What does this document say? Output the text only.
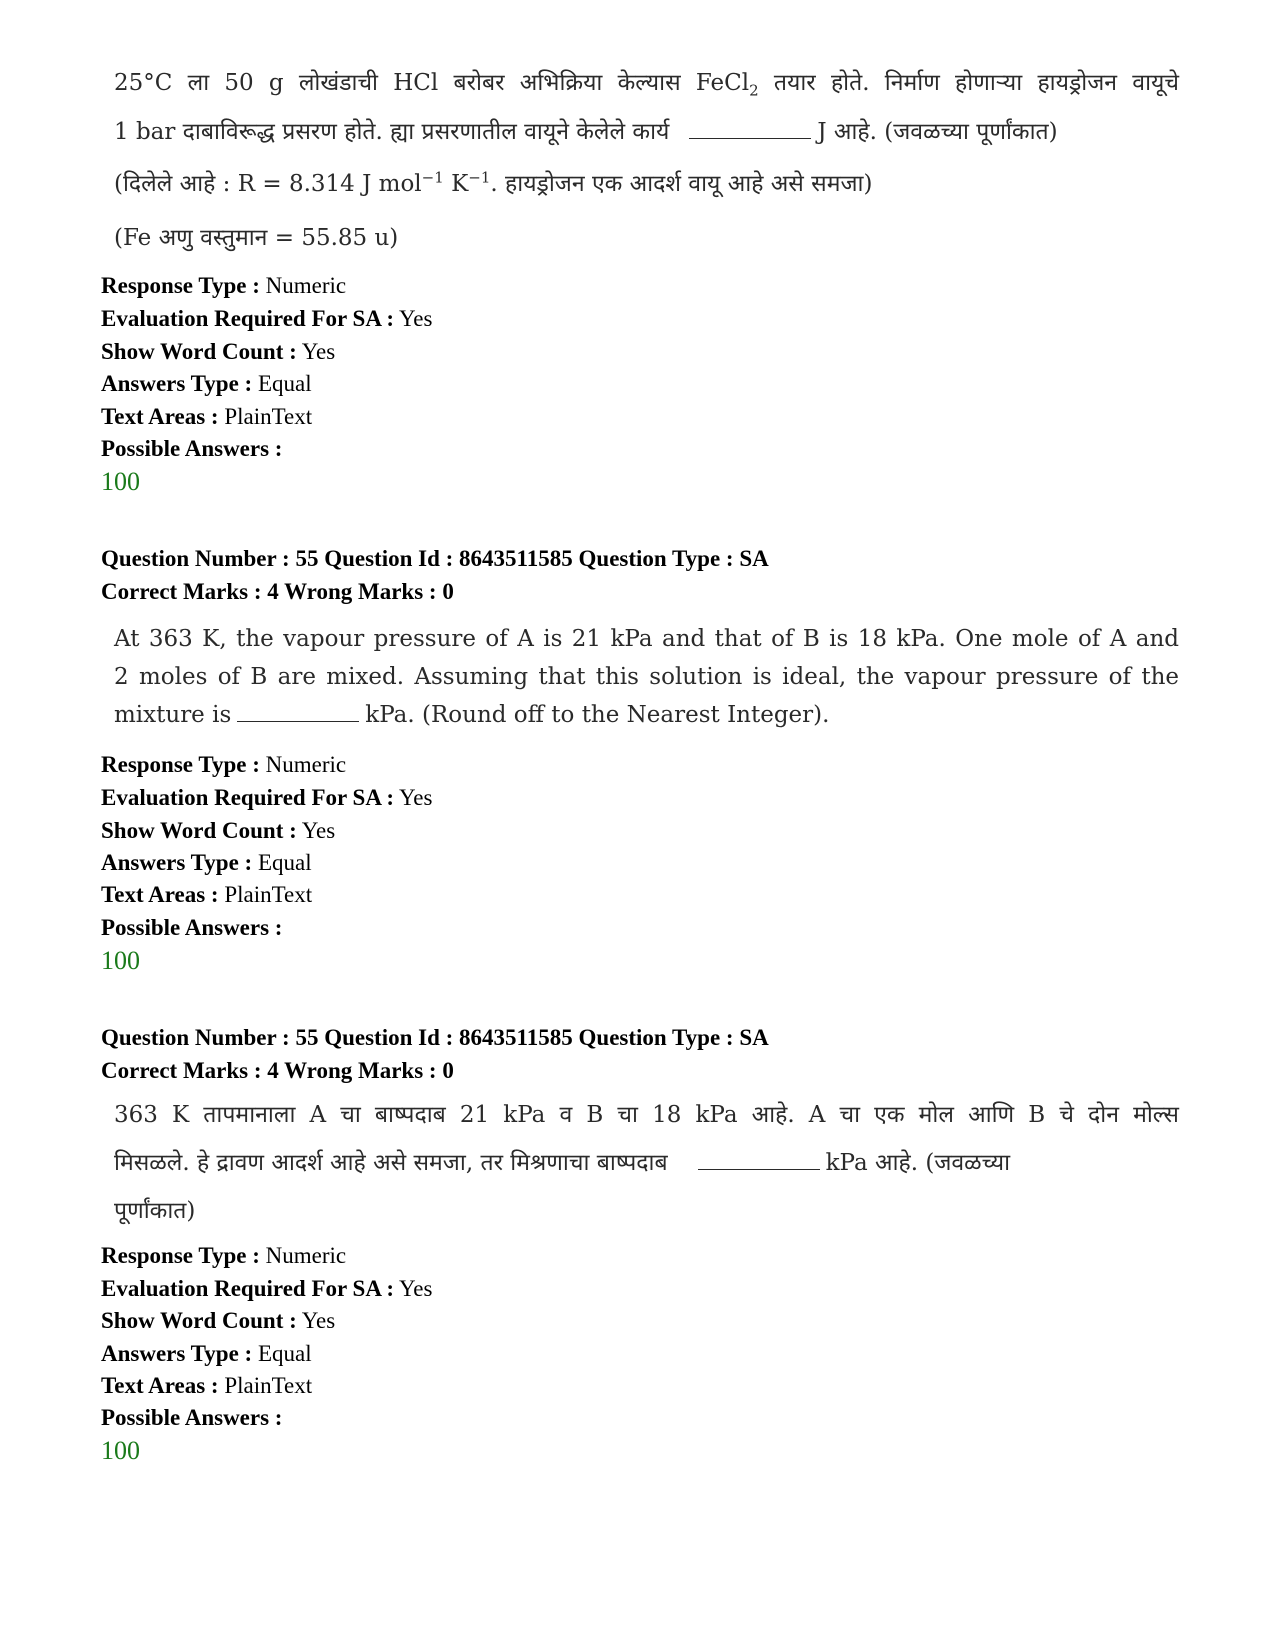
25°C ला 50 g लोखंडाची HCl बरोबर अभिक्रिया केल्यास FeCl$_2$ तयार होते. निर्माण होणाऱ्या हायड्रोजन वायूचे
1 bar दाबाविरूद्ध प्रसरण होते. ह्या प्रसरणातील वायूने केलेले कार्य	J आहे. (जवळच्या पूर्णांकात)
(दिलेले आहे : R = 8.314 J mol$^{-1}$ $K^{-1}$. हायड्रोजन एक आदर्श वायू आहे असे समजा)
(Fe अणु वस्तुमान = 55.85 u)
Response Type : Numeric
Evaluation Required For SA : Yes
Show Word Count : Yes
Answers Type : Equal
Text Areas : PlainText
Possible Answers :
100
Question Number : 55 Question Id : 8643511585 Question Type : SA
Correct Marks : 4 Wrong Marks : 0
At 363 K, the vapour pressure of A is 21 kPa and that of B is 18 kPa. One mole of A and
2 moles of B are mixed. Assuming that this solution is ideal, the vapour pressure of the
mixture is	kPa. (Round off to the Nearest Integer).
Response Type : Numeric
Evaluation Required For SA : Yes
Show Word Count : Yes
Answers Type : Equal
Text Areas : PlainText
Possible Answers :
100
Question Number : 55 Question Id : 8643511585 Question Type : SA
Correct Marks : 4 Wrong Marks : 0
363 K तापमानाला A चा बाष्पदाब 21 kPa व B चा 18 kPa आहे. A चा एक मोल आणि B चे दोन मोल्स
मिसळले. हे द्रावण आदर्श आहे असे समजा, तर मिश्रणाचा बाष्पदाब	kPa आहे. (जवळच्या
पूर्णांकात)
Response Type : Numeric
Evaluation Required For SA : Yes
Show Word Count : Yes
Answers Type : Equal
Text Areas : PlainText
Possible Answers :
100
